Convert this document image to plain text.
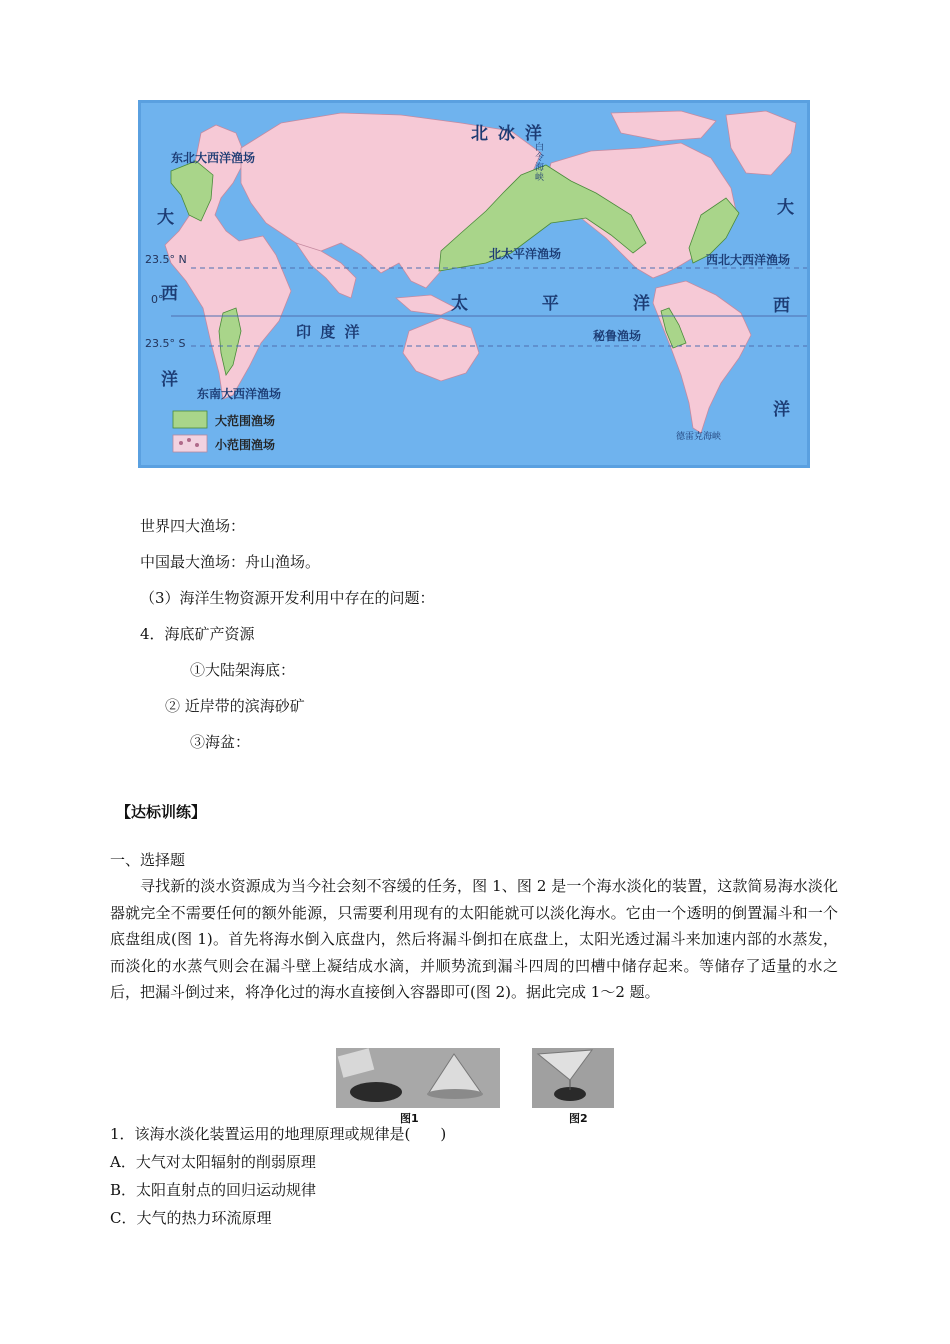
北 冰 洋
太 平 洋
印 度 洋
大
西
洋
大
西
洋
东北大西洋渔场
北太平洋渔场	西北大西洋渔场
秘鲁渔场
东南大西洋渔场
23.5° N
0°
23.5° S
白令海峡
德雷克海峡
大范围渔场
小范围渔场
世界四大渔场：
中国最大渔场：舟山渔场。
（3）海洋生物资源开发利用中存在的问题：
4．海底矿产资源
①大陆架海底：
② 近岸带的滨海砂矿
③海盆：
【达标训练】
一、选择题
寻找新的淡水资源成为当今社会刻不容缓的任务，图 1、图 2 是一个海水淡化的装置，这款简易海水淡化器就完全不需要任何的额外能源，只需要利用现有的太阳能就可以淡化海水。它由一个透明的倒置漏斗和一个底盘组成(图 1)。首先将海水倒入底盘内，然后将漏斗倒扣在底盘上，太阳光透过漏斗来加速内部的水蒸发，而淡化的水蒸气则会在漏斗壁上凝结成水滴，并顺势流到漏斗四周的凹槽中储存起来。等储存了适量的水之后，把漏斗倒过来，将净化过的海水直接倒入容器即可(图 2)。据此完成 1～2 题。
图1	图2
1．该海水淡化装置运用的地理原理或规律是(　　)
A．大气对太阳辐射的削弱原理
B．太阳直射点的回归运动规律
C．大气的热力环流原理
